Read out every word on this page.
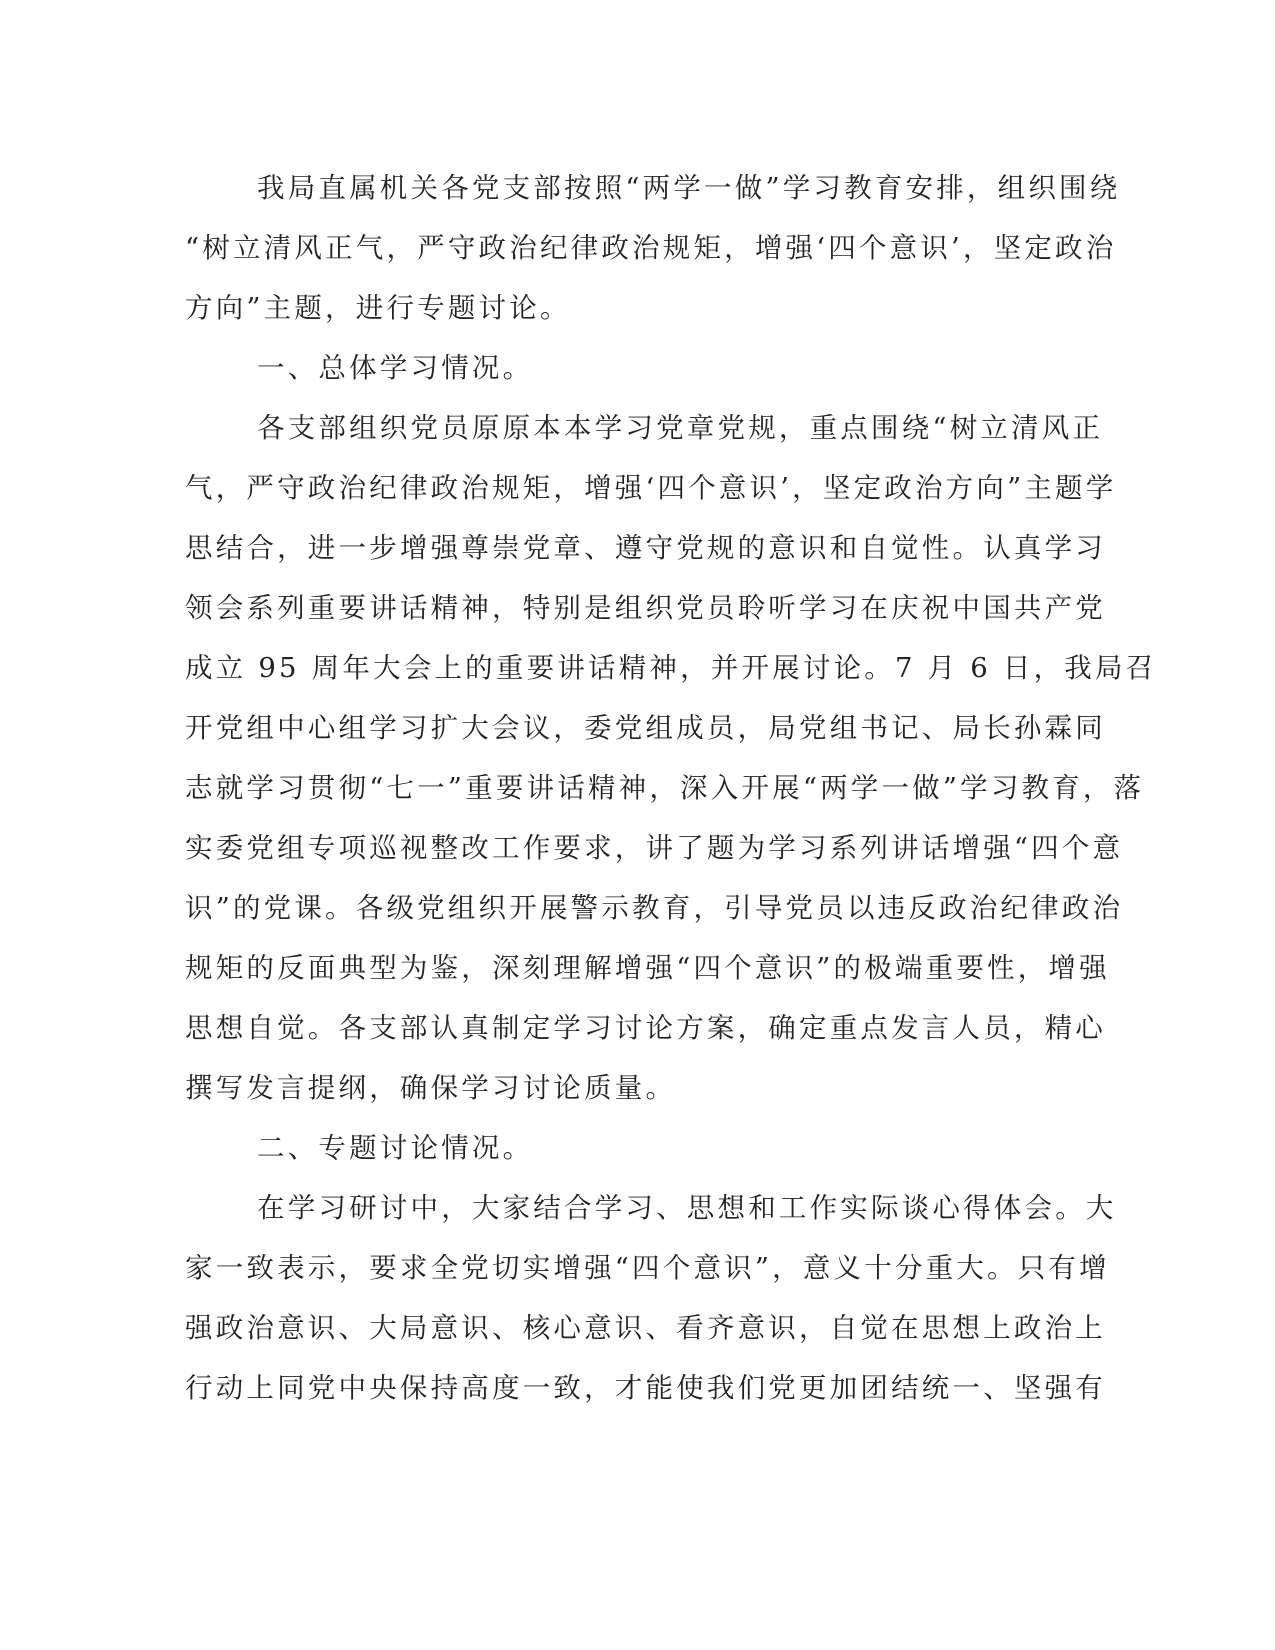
我局直属机关各党支部按照“两学一做”学习教育安排，组织围绕
“树立清风正气，严守政治纪律政治规矩，增强‘四个意识’，坚定政治
方向”主题，进行专题讨论。
一、总体学习情况。
各支部组织党员原原本本学习党章党规，重点围绕“树立清风正
气，严守政治纪律政治规矩，增强‘四个意识’，坚定政治方向”主题学
思结合，进一步增强尊崇党章、遵守党规的意识和自觉性。认真学习
领会系列重要讲话精神，特别是组织党员聆听学习在庆祝中国共产党
成立 95 周年大会上的重要讲话精神，并开展讨论。7 月 6 日，我局召
开党组中心组学习扩大会议，委党组成员，局党组书记、局长孙霖同
志就学习贯彻“七一”重要讲话精神，深入开展“两学一做”学习教育，落
实委党组专项巡视整改工作要求，讲了题为学习系列讲话增强“四个意
识”的党课。各级党组织开展警示教育，引导党员以违反政治纪律政治
规矩的反面典型为鉴，深刻理解增强“四个意识”的极端重要性，增强
思想自觉。各支部认真制定学习讨论方案，确定重点发言人员，精心
撰写发言提纲，确保学习讨论质量。
二、专题讨论情况。
在学习研讨中，大家结合学习、思想和工作实际谈心得体会。大
家一致表示，要求全党切实增强“四个意识”，意义十分重大。只有增
强政治意识、大局意识、核心意识、看齐意识，自觉在思想上政治上
行动上同党中央保持高度一致，才能使我们党更加团结统一、坚强有
